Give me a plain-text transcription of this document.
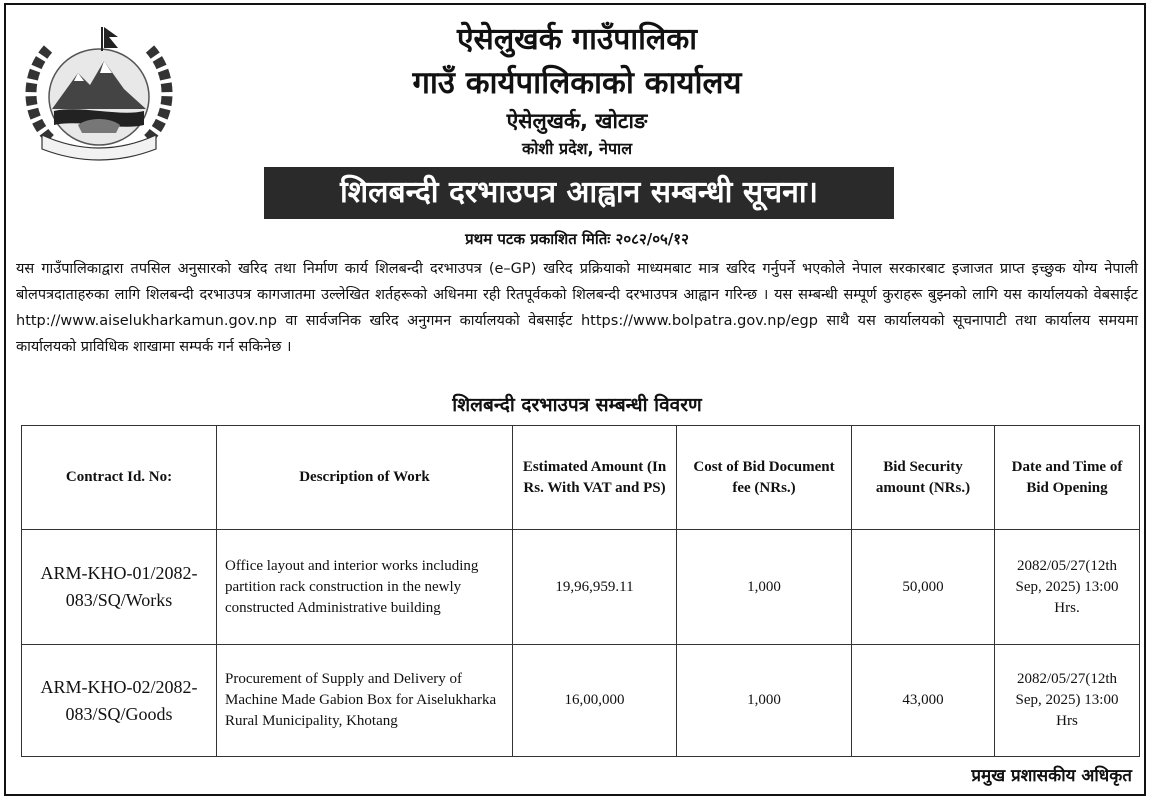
ऐसेलुखर्क गाउँपालिका
गाउँ कार्यपालिकाको कार्यालय
ऐसेलुखर्क, खोटाङ
कोशी प्रदेश, नेपाल
शिलबन्दी दरभाउपत्र आह्वान सम्बन्धी सूचना।
प्रथम पटक प्रकाशित मितिः २०८२/०५/१२
यस गाउँपालिकाद्वारा तपसिल अनुसारको खरिद तथा निर्माण कार्य शिलबन्दी दरभाउपत्र (e–GP) खरिद प्रक्रियाको माध्यमबाट मात्र खरिद गर्नुपर्ने भएकोले नेपाल सरकारबाट इजाजत प्राप्त इच्छुक योग्य नेपाली बोलपत्रदाताहरुका लागि शिलबन्दी दरभाउपत्र कागजातमा उल्लेखित शर्तहरूको अधिनमा रही रितपूर्वकको शिलबन्दी दरभाउपत्र आह्वान गरिन्छ । यस सम्बन्धी सम्पूर्ण कुराहरू बुझ्नको लागि यस कार्यालयको वेबसाईट http://www.aiselukharkamun.gov.np वा सार्वजनिक खरिद अनुगमन कार्यालयको वेबसाईट https://www.bolpatra.gov.np/egp साथै यस कार्यालयको सूचनापाटी तथा कार्यालय समयमा कार्यालयको प्राविधिक शाखामा सम्पर्क गर्न सकिनेछ ।
शिलबन्दी दरभाउपत्र सम्बन्धी विवरण
Contract Id. No:	Description of Work	Estimated Amount (In Rs. With VAT and PS)	Cost of Bid Document fee (NRs.)	Bid Security amount (NRs.)	Date and Time of Bid Opening
ARM-KHO-01/2082-083/SQ/Works	Office layout and interior works including partition rack construction in the newly constructed Administrative building	19,96,959.11	1,000	50,000	2082/05/27(12th Sep, 2025) 13:00 Hrs.
ARM-KHO-02/2082-083/SQ/Goods	Procurement of Supply and Delivery of Machine Made Gabion Box for Aiselukharka Rural Municipality, Khotang	16,00,000	1,000	43,000	2082/05/27(12th Sep, 2025) 13:00 Hrs
प्रमुख प्रशासकीय अधिकृत
